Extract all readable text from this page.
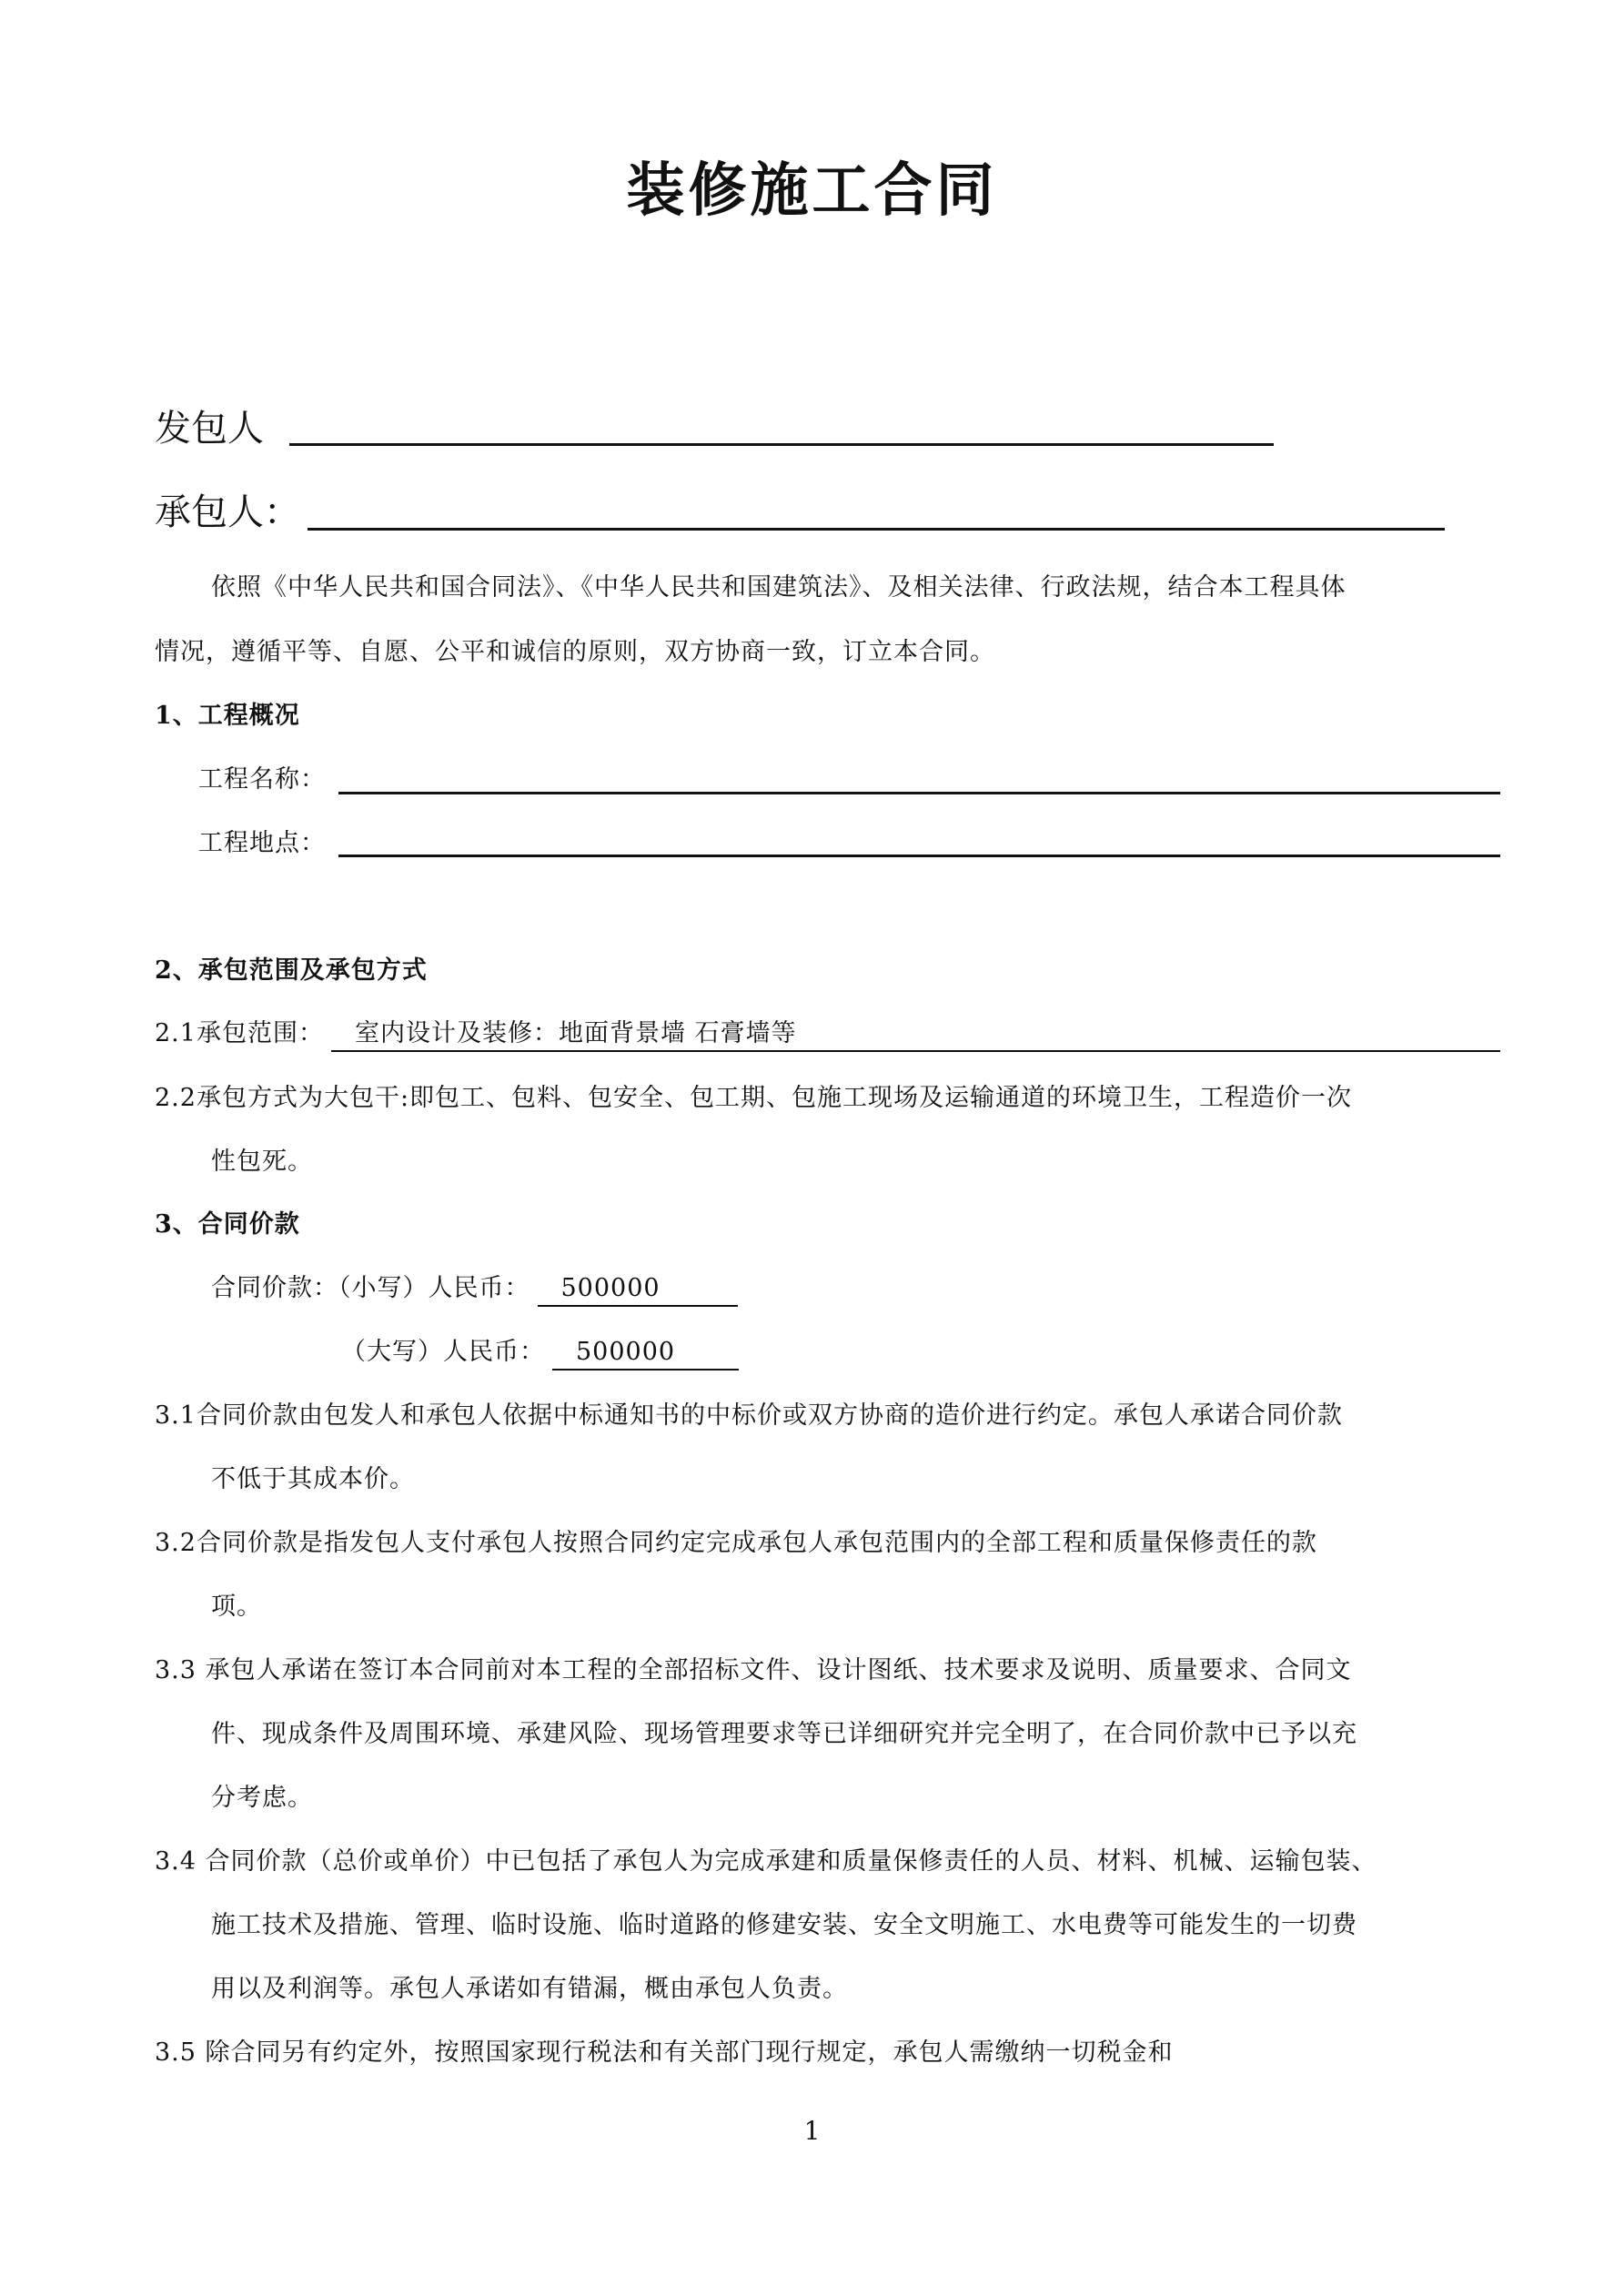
装修施工合同
发包人
承包人：
依照《中华人民共和国合同法》、《中华人民共和国建筑法》、及相关法律、行政法规，结合本工程具体
情况，遵循平等、自愿、公平和诚信的原则，双方协商一致，订立本合同。
1、工程概况
工程名称：
工程地点：
2、承包范围及承包方式
2.1承包范围：	室内设计及装修：地面背景墙 石膏墙等
2.2承包方式为大包干:即包工、包料、包安全、包工期、包施工现场及运输通道的环境卫生，工程造价一次
性包死。
3、合同价款
合同价款：（小写）人民币：	500000
（大写）人民币：	500000
3.1合同价款由包发人和承包人依据中标通知书的中标价或双方协商的造价进行约定。承包人承诺合同价款
不低于其成本价。
3.2合同价款是指发包人支付承包人按照合同约定完成承包人承包范围内的全部工程和质量保修责任的款
项。
3.3 承包人承诺在签订本合同前对本工程的全部招标文件、设计图纸、技术要求及说明、质量要求、合同文
件、现成条件及周围环境、承建风险、现场管理要求等已详细研究并完全明了，在合同价款中已予以充
分考虑。
3.4 合同价款（总价或单价）中已包括了承包人为完成承建和质量保修责任的人员、材料、机械、运输包装、
施工技术及措施、管理、临时设施、临时道路的修建安装、安全文明施工、水电费等可能发生的一切费
用以及利润等。承包人承诺如有错漏，概由承包人负责。
3.5 除合同另有约定外，按照国家现行税法和有关部门现行规定，承包人需缴纳一切税金和
1
